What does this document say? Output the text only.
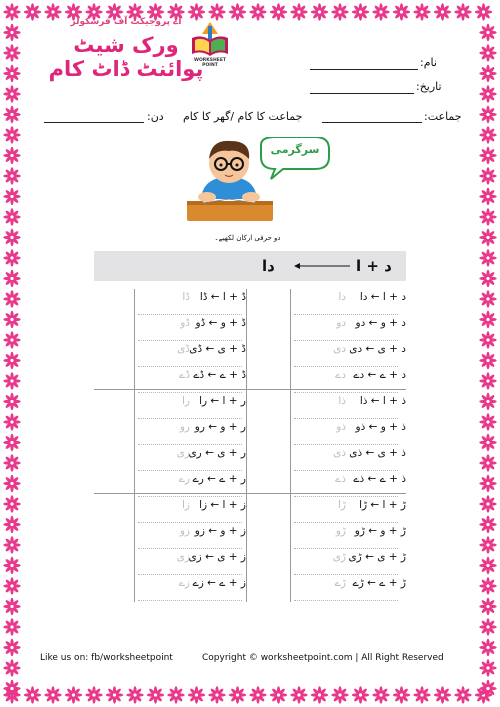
اے پروجیکٹ آف فرسکولز
ورک شیٹ پوائنٹ ڈاٹ کام
WORKSHEET POINT	نام:
تاریخ:
جماعت:
جماعت کا کام /گھر کا کام
دن:
سرگرمی
دو حرفی ارکان لکھیے۔
دا	د + ا
د + ا ← دا
دا
د + و ← دو
دو
د + ی ← دی
دی
د + ے ← دے
دے
ڈ + ا ← ڈا
ڈا
ڈ + و ← ڈو
ڈو
ڈ + ی ← ڈی
ڈی
ڈ + ے ← ڈے
ڈے
ذ + ا ← ذا
ذا
ذ + و ← ذو
ذو
ذ + ی ← ذی
ذی
ذ + ے ← ذے
ذے
ر + ا ← را
را
ر + و ← رو
رو
ر + ی ← ری
ری
ر + ے ← رے
رے
ڑ + ا ← ڑا
ڑا
ڑ + و ← ڑو
ڑو
ڑ + ی ← ڑی
ڑی
ڑ + ے ← ڑے
ڑے
ز + ا ← زا
زا
ز + و ← زو
زو
ز + ی ← زی
زی
ز + ے ← زے
زے
Like us on: fb/worksheetpoint	Copyright © worksheetpoint.com | All Right Reserved
